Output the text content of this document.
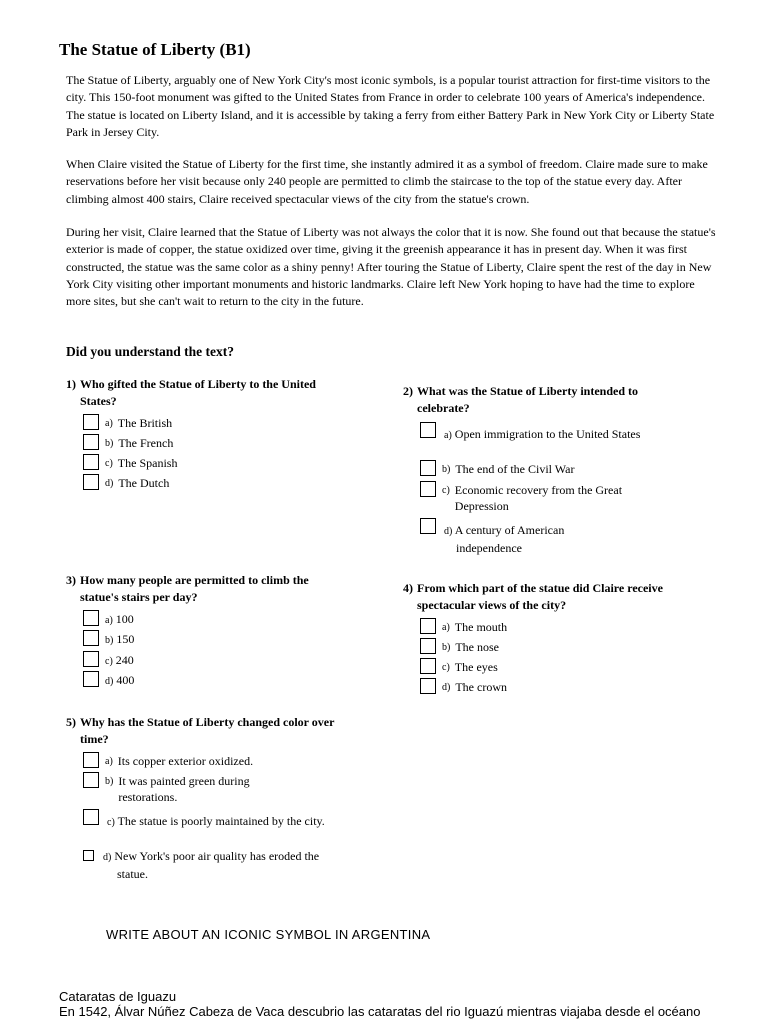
The Statue of Liberty (B1)

The Statue of Liberty, arguably one of New York City's most iconic symbols, is a popular tourist attraction for first-time visitors to the city. This 150-foot monument was gifted to the United States from France in order to celebrate 100 years of America's independence. The statue is located on Liberty Island, and it is accessible by taking a ferry from either Battery Park in New York City or Liberty State Park in Jersey City.

When Claire visited the Statue of Liberty for the first time, she instantly admired it as a symbol of freedom. Claire made sure to make reservations before her visit because only 240 people are permitted to climb the staircase to the top of the statue every day. After climbing almost 400 stairs, Claire received spectacular views of the city from the statue's crown.

During her visit, Claire learned that the Statue of Liberty was not always the color that it is now. She found out that because the statue's exterior is made of copper, the statue oxidized over time, giving it the greenish appearance it has in present day. When it was first constructed, the statue was the same color as a shiny penny! After touring the Statue of Liberty, Claire spent the rest of the day in New York City visiting other important monuments and historic landmarks. Claire left New York hoping to have had the time to explore more sites, but she can't wait to return to the city in the future.

Did you understand the text?
1) Who gifted the Statue of Liberty to the United States?
a) The British
b) The French
c) The Spanish
d) The Dutch
2) What was the Statue of Liberty intended to celebrate?
a) Open immigration to the United States
b) The end of the Civil War
c) Economic recovery from the Great Depression
d) A century of American independence
3) How many people are permitted to climb the statue's stairs per day?
a) 100
b) 150
c) 240
d) 400
4) From which part of the statue did Claire receive spectacular views of the city?
a) The mouth
b) The nose
c) The eyes
d) The crown
5) Why has the Statue of Liberty changed color over time?
a) Its copper exterior oxidized.
b) It was painted green during restorations.
c) The statue is poorly maintained by the city.
d) New York's poor air quality has eroded the statue.
WRITE ABOUT AN ICONIC SYMBOL IN ARGENTINA
Cataratas de Iguazu
En 1542, Álvar Núñez Cabeza de Vaca descubrio las cataratas del rio Iguazú mientras viajaba desde el océano
